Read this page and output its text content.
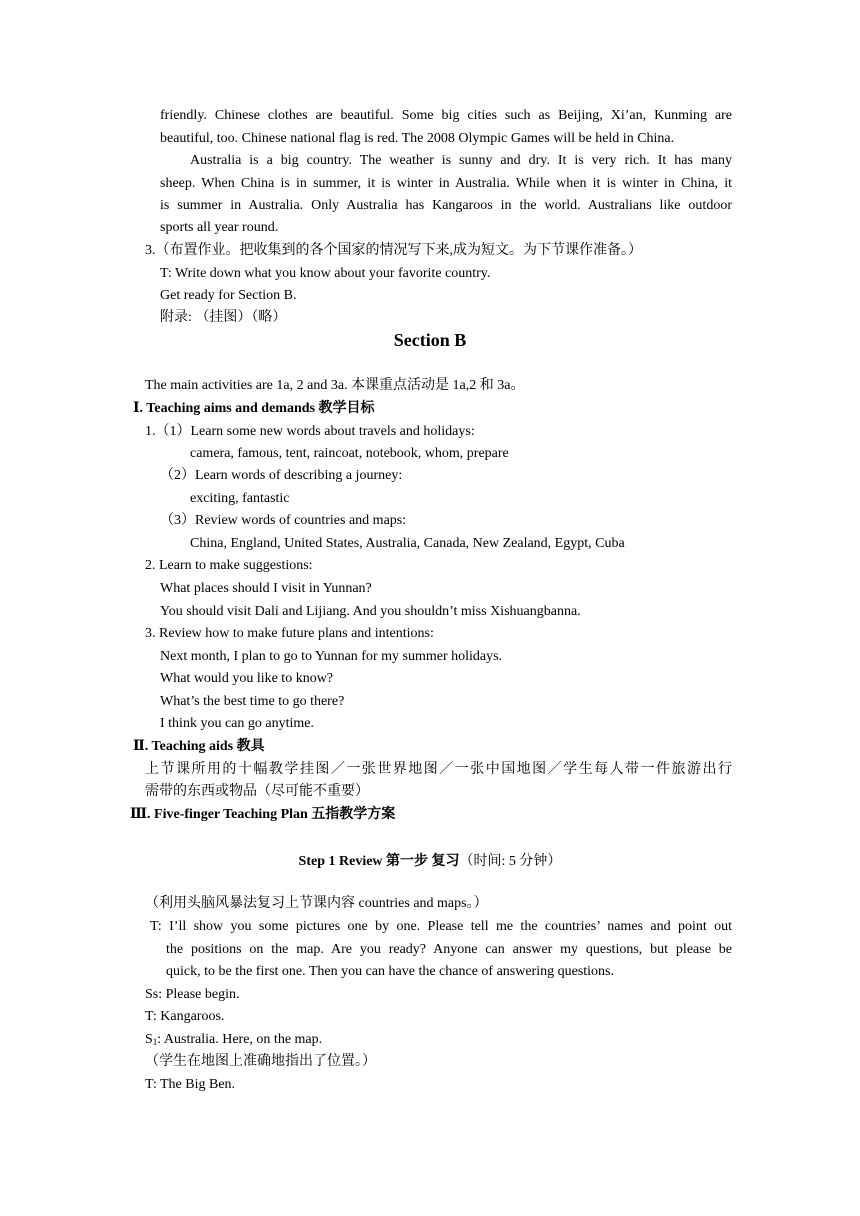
friendly. Chinese clothes are beautiful. Some big cities such as Beijing, Xi’an, Kunming are
beautiful, too. Chinese national flag is red. The 2008 Olympic Games will be held in China.
Australia is a big country. The weather is sunny and dry. It is very rich. It has many
sheep. When China is in summer, it is winter in Australia. While when it is winter in China, it
is summer in Australia. Only Australia has Kangaroos in the world. Australians like outdoor
sports all year round.
3.（布置作业。把收集到的各个国家的情况写下来,成为短文。为下节课作准备。）
T: Write down what you know about your favorite country.
Get ready for Section B.
附录: （挂图）（略）
Section B
The main activities are 1a, 2 and 3a. 本课重点活动是 1a,2 和 3a。
Ⅰ. Teaching aims and demands 教学目标
1.（1）Learn some new words about travels and holidays:
camera, famous, tent, raincoat, notebook, whom, prepare
（2）Learn words of describing a journey:
exciting, fantastic
（3）Review words of countries and maps:
China, England, United States, Australia, Canada, New Zealand, Egypt, Cuba
2. Learn to make suggestions:
What places should I visit in Yunnan?
You should visit Dali and Lijiang. And you shouldn’t miss Xishuangbanna.
3. Review how to make future plans and intentions:
Next month, I plan to go to Yunnan for my summer holidays.
What would you like to know?
What’s the best time to go there?
I think you can go anytime.
Ⅱ. Teaching aids 教具
上节课所用的十幅教学挂图／一张世界地图／一张中国地图／学生每人带一件旅游出行
需带的东西或物品（尽可能不重要）
Ⅲ. Five-finger Teaching Plan 五指教学方案
Step 1 Review 第一步 复习（时间: 5 分钟）
（利用头脑风暴法复习上节课内容 countries and maps。）
T: I’ll show you some pictures one by one. Please tell me the countries’ names and point out
the positions on the map. Are you ready? Anyone can answer my questions, but please be
quick, to be the first one. Then you can have the chance of answering questions.
Ss: Please begin.
T: Kangaroos.
$S_1$: Australia. Here, on the map.
（学生在地图上准确地指出了位置。）
T: The Big Ben.
